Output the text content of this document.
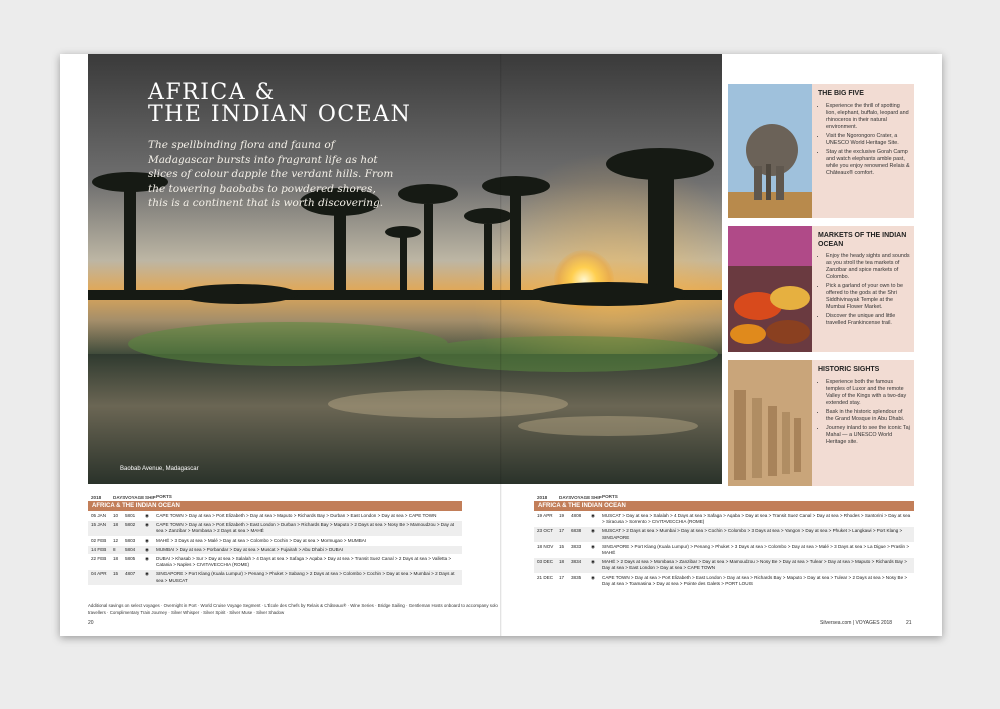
AFRICA &
THE INDIAN OCEAN

The spellbinding flora and fauna of Madagascar bursts into fragrant life as hot slices of colour dapple the verdant hills. From the towering baobabs to powdered shores, this is a continent that is worth discovering.

Baobab Avenue, Madagascar
THE BIG FIVE
• Experience the thrill of spotting lion, elephant, buffalo, leopard and rhinoceros in their natural environment.
• Visit the Ngorongoro Crater, a UNESCO World Heritage Site.
• Stay at the exclusive Gorah Camp and watch elephants amble past, while you enjoy renowned Relais & Châteaux® comfort.
MARKETS OF THE INDIAN OCEAN
• Enjoy the heady sights and sounds as you stroll the tea markets of Zanzibar and spice markets of Colombo.
• Pick a garland of your own to be offered to the gods at the Shri Siddhivinayak Temple at the Mumbai Flower Market.
• Discover the unique and little travelled Frankincense trail.
HISTORIC SIGHTS
• Experience both the famous temples of Luxor and the remote Valley of the Kings with a two-day extended stay.
• Bask in the historic splendour of the Grand Mosque in Abu Dhabi.
• Journey inland to see the iconic Taj Mahal — a UNESCO World Heritage site.
2018	DAYS VOYAGE SHIP PORTS
AFRICA & THE INDIAN OCEAN
05 JAN	10	5801	◉	CAPE TOWN > Day at sea > Port Elizabeth > Day at sea > Maputo > Richards Bay > Durban > East London > Day at sea > CAPE TOWN
15 JAN	18	5802	◉	CAPE TOWN > Day at sea > Port Elizabeth > East London > Durban > Richards Bay > Maputo > 2 Days at sea > Nosy Be > Mamoudzou > Day at sea > Zanzibar > Mombasa > 2 Days at sea > MAHÉ
02 FEB	12	5803	◉	MAHÉ > 3 Days at sea > Malé > Day at sea > Colombo > Cochin > Day at sea > Mormugao > MUMBAI
14 FEB	8	5804	◉	MUMBAI > Day at sea > Porbandar > Day at sea > Muscat > Fujairah > Abu Dhabi > DUBAI
22 FEB	18	5805	◉	DUBAI > Khasab > Sur > Day at sea > Salalah > 4 Days at sea > Safaga > Aqaba > Day at sea > Transit Suez Canal > 2 Days at sea > Valletta > Catania > Naples > CIVITAVECCHIA (ROME)
04 APR	15	4807	◉	SINGAPORE > Port Klang (Kuala Lumpur) > Penang > Phuket > Sabang > 2 Days at sea > Colombo > Cochin > Day at sea > Mumbai > 2 Days at sea > MUSCAT
2018	DAYS VOYAGE SHIP PORTS
AFRICA & THE INDIAN OCEAN
19 APR	19	4808	◉	MUSCAT > Day at sea > Salalah > 4 Days at sea > Safaga > Aqaba > Day at sea > Transit Suez Canal > Day at sea > Rhodes > Santorini > Day at sea > Siracusa > Sorrento > CIVITAVECCHIA (ROME)
23 OCT	17	6838	◉	MUSCAT > 2 Days at sea > Mumbai > Day at sea > Cochin > Colombo > 3 Days at sea > Yangon > Day at sea > Phuket > Langkawi > Port Klang > SINGAPORE
18 NOV	15	3833	◉	SINGAPORE > Port Klang (Kuala Lumpur) > Penang > Phuket > 3 Days at sea > Colombo > Day at sea > Malé > 3 Days at sea > La Digue > Praslin > MAHÉ
03 DEC	18	3834	◉	MAHÉ > 2 Days at sea > Mombasa > Zanzibar > Day at sea > Mamoudzou > Nosy Be > Day at sea > Tulear > Day at sea > Maputo > Richards Bay > Day at sea > East London > Day at sea > CAPE TOWN
21 DEC	17	3835	◉	CAPE TOWN > Day at sea > Port Elizabeth > East London > Day at sea > Richards Bay > Maputo > Day at sea > Tulear > 2 Days at sea > Nosy Be > Day at sea > Toamasina > Day at sea > Pointe des Galets > PORT LOUIS
Additional savings on select voyages · Overnight in Port · World Cruise Voyage Segment · L'École des Chefs by Relais & Châteaux® · Wine Series · Bridge Sailing · Gentleman Hosts onboard to accompany solo travellers · Complimentary Train Journey · Silver Whisper · Silver Spirit · Silver Muse · Silver Shadow
20	Silversea.com | VOYAGES 2018	21
